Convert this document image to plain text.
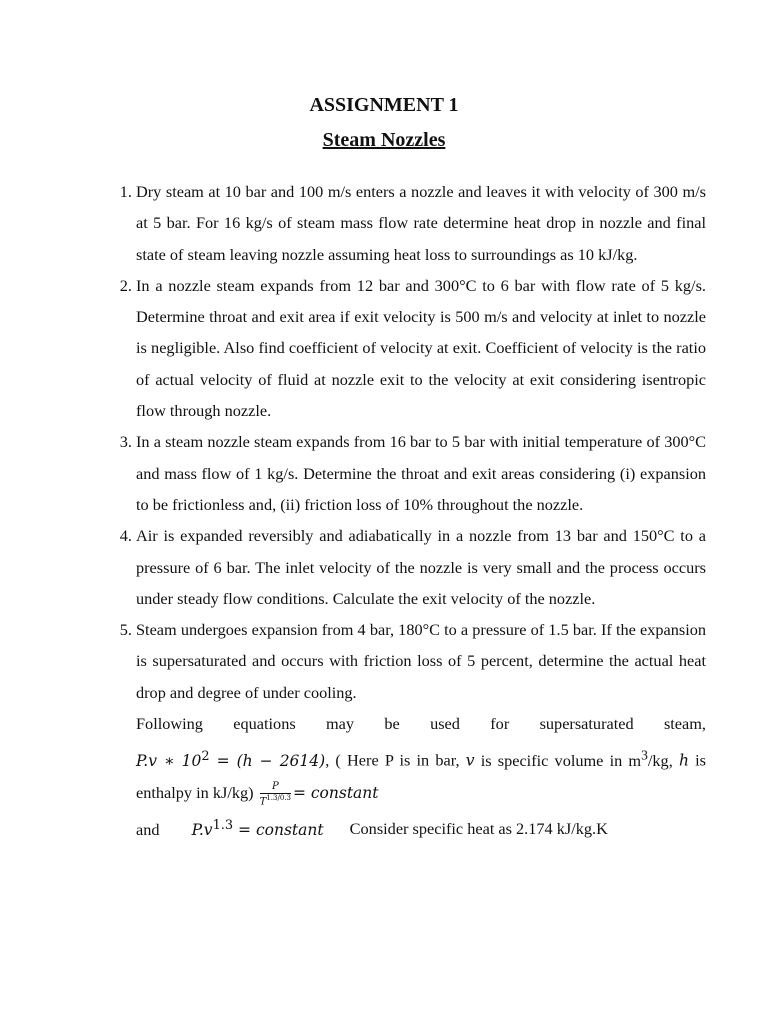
ASSIGNMENT 1
Steam Nozzles
1. Dry steam at 10 bar and 100 m/s enters a nozzle and leaves it with velocity of 300 m/s at 5 bar. For 16 kg/s of steam mass flow rate determine heat drop in nozzle and final state of steam leaving nozzle assuming heat loss to surroundings as 10 kJ/kg.
2. In a nozzle steam expands from 12 bar and 300°C to 6 bar with flow rate of 5 kg/s. Determine throat and exit area if exit velocity is 500 m/s and velocity at inlet to nozzle is negligible. Also find coefficient of velocity at exit. Coefficient of velocity is the ratio of actual velocity of fluid at nozzle exit to the velocity at exit considering isentropic flow through nozzle.
3. In a steam nozzle steam expands from 16 bar to 5 bar with initial temperature of 300°C and mass flow of 1 kg/s. Determine the throat and exit areas considering (i) expansion to be frictionless and, (ii) friction loss of 10% throughout the nozzle.
4. Air is expanded reversibly and adiabatically in a nozzle from 13 bar and 150°C to a pressure of 6 bar. The inlet velocity of the nozzle is very small and the process occurs under steady flow conditions. Calculate the exit velocity of the nozzle.
5. Steam undergoes expansion from 4 bar, 180°C to a pressure of 1.5 bar. If the expansion is supersaturated and occurs with friction loss of 5 percent, determine the actual heat drop and degree of under cooling.
Following equations may be used for supersaturated steam, P.v ∗ $10^2 = (h - 2614)$, ( Here P is in bar, v is specific volume in $m^3/kg$, h is enthalpy in $kJ/kg) \frac{P}{T^{1.3/0.3}}$ = constant
and $P.v^{1.3}$ = constant Consider specific heat as 2.174 kJ/kg.K
